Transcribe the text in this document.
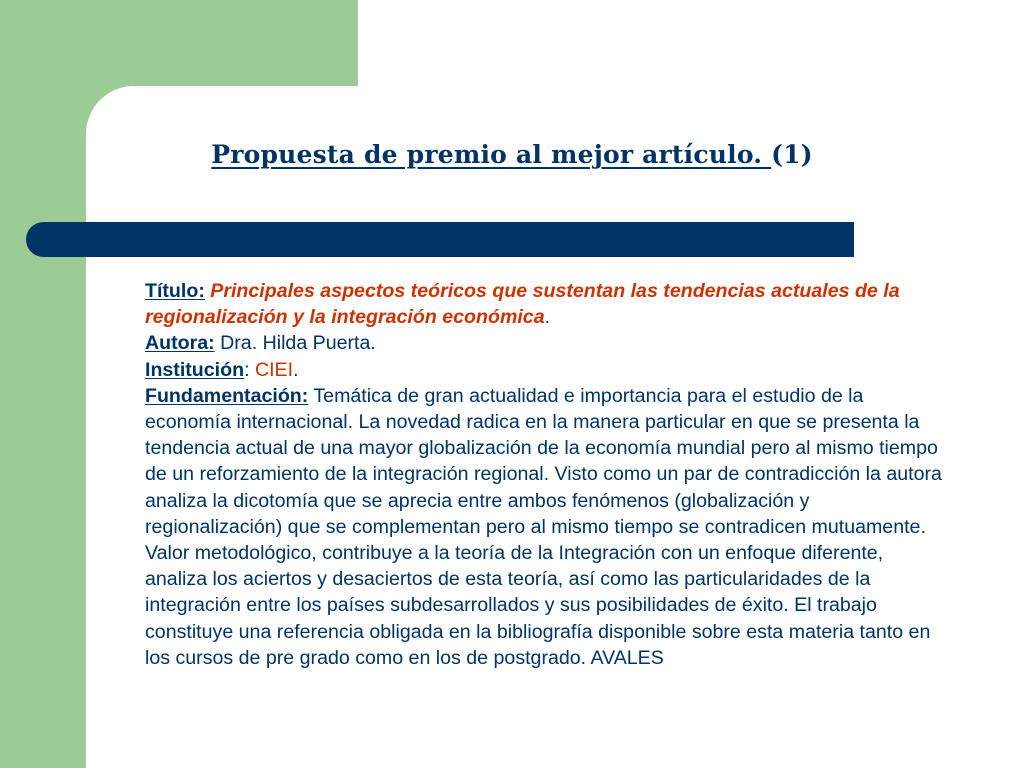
Propuesta de premio al mejor artículo. (1)

Título: Principales aspectos teóricos que sustentan las tendencias actuales de la regionalización y la integración económica.

Autora: Dra. Hilda Puerta.

Institución: CIEI.

Fundamentación: Temática de gran actualidad e importancia para el estudio de la economía internacional. La novedad radica en la manera particular en que se presenta la tendencia actual de una mayor globalización de la economía mundial pero al mismo tiempo de un reforzamiento de la integración regional. Visto como un par de contradicción la autora analiza la dicotomía que se aprecia entre ambos fenómenos (globalización y regionalización) que se complementan pero al mismo tiempo se contradicen mutuamente.

Valor metodológico, contribuye a la teoría de la Integración con un enfoque diferente, analiza los aciertos y desaciertos de esta teoría, así como las particularidades de la integración entre los países subdesarrollados y sus posibilidades de éxito. El trabajo constituye una referencia obligada en la bibliografía disponible sobre esta materia tanto en los cursos de pre grado como en los de postgrado. AVALES
